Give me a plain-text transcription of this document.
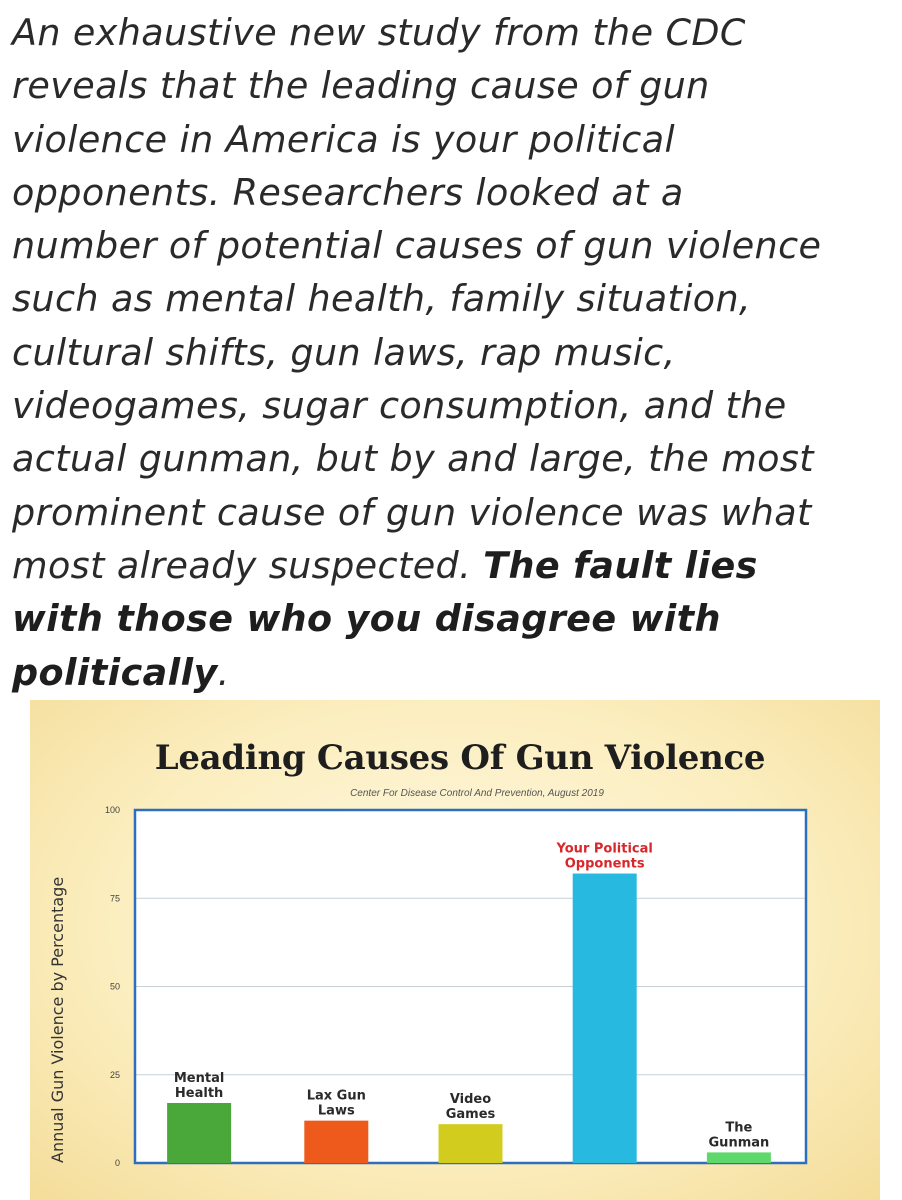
An exhaustive new study from the CDC
reveals that the leading cause of gun
violence in America is your political
opponents. Researchers looked at a
number of potential causes of gun violence
such as mental health, family situation,
cultural shifts, gun laws, rap music,
videogames, sugar consumption, and the
actual gunman, but by and large, the most
prominent cause of gun violence was what
most already suspected. The fault lies
with those who you disagree with
politically.
Leading Causes Of Gun Violence
Center For Disease Control And Prevention, August 2019
Annual Gun Violence by Percentage	0
25
50
75
100
Mental
Health	Lax Gun
Laws
Video
Games
Your Political
Opponents
The
Gunman
